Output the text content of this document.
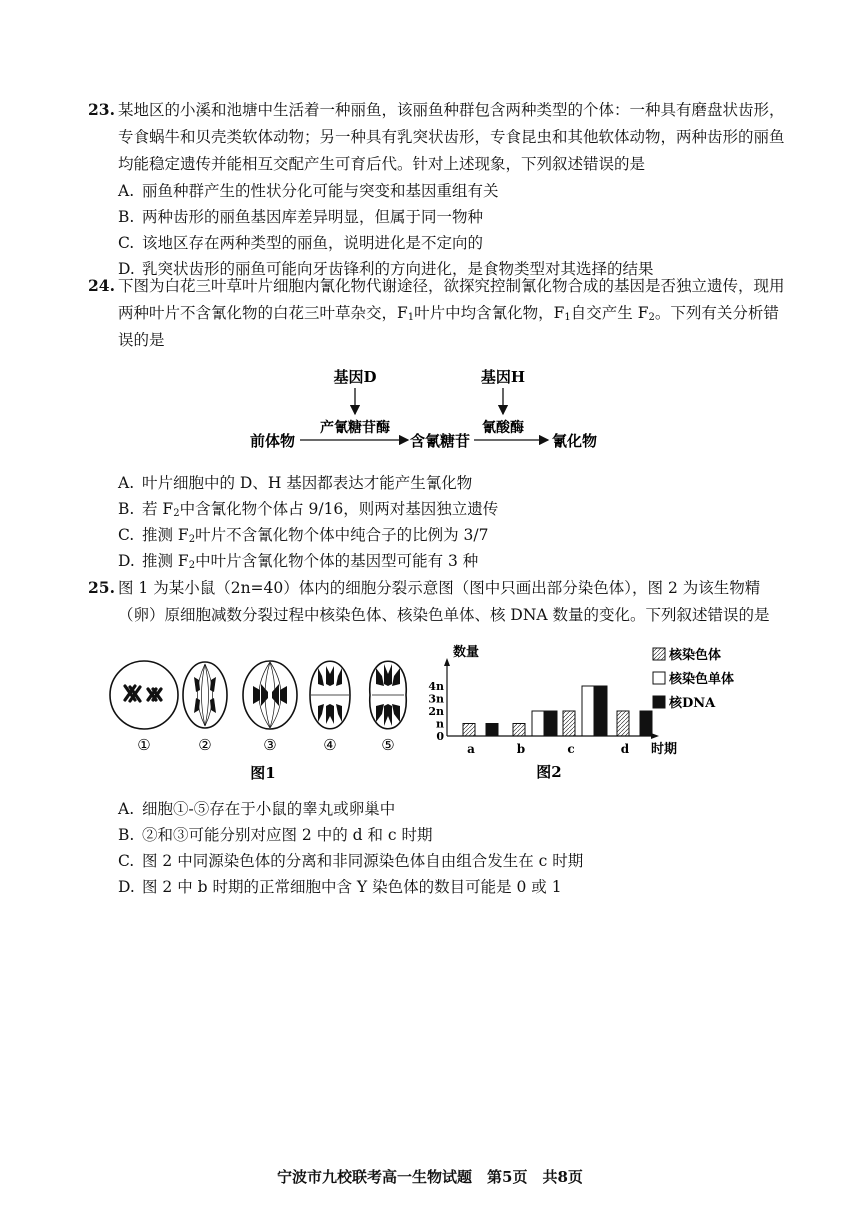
23. 某地区的小溪和池塘中生活着一种丽鱼，该丽鱼种群包含两种类型的个体：一种具有磨盘状齿形，专食蜗牛和贝壳类软体动物；另一种具有乳突状齿形，专食昆虫和其他软体动物，两种齿形的丽鱼均能稳定遗传并能相互交配产生可育后代。针对上述现象，下列叙述错误的是

A. 丽鱼种群产生的性状分化可能与突变和基因重组有关

B. 两种齿形的丽鱼基因库差异明显，但属于同一物种

C. 该地区存在两种类型的丽鱼，说明进化是不定向的

D. 乳突状齿形的丽鱼可能向牙齿锋利的方向进化，是食物类型对其选择的结果

24. 下图为白花三叶草叶片细胞内氰化物代谢途径，欲探究控制氰化物合成的基因是否独立遗传，现用两种叶片不含氰化物的白花三叶草杂交，$F_1$叶片中均含氰化物，$F_1$自交产生 $F_2$。下列有关分析错误的是

基因D	基因H
产氰糖苷酶	氰酸酶
前体物	含氰糖苷	氰化物

A. 叶片细胞中的 D、H 基因都表达才能产生氰化物

B. 若 $F_2$中含氰化物个体占 9/16，则两对基因独立遗传

C. 推测 $F_2$叶片不含氰化物个体中纯合子的比例为 3/7

D. 推测 $F_2$中叶片含氰化物个体的基因型可能有 3 种

25. 图 1 为某小鼠（2n=40）体内的细胞分裂示意图（图中只画出部分染色体），图 2 为该生物精（卵）原细胞减数分裂过程中核染色体、核染色单体、核 DNA 数量的变化。下列叙述错误的是

①	②	③	④	⑤
图1
数量
0
n
2n
3n
4n
a	b	c	d 时期
图2
核染色体
核染色单体
核DNA

A. 细胞①-⑤存在于小鼠的睾丸或卵巢中

B. ②和③可能分别对应图 2 中的 d 和 c 时期

C. 图 2 中同源染色体的分离和非同源染色体自由组合发生在 c 时期

D. 图 2 中 b 时期的正常细胞中含 Y 染色体的数目可能是 0 或 1

宁波市九校联考高一生物试题　第5页　共8页
